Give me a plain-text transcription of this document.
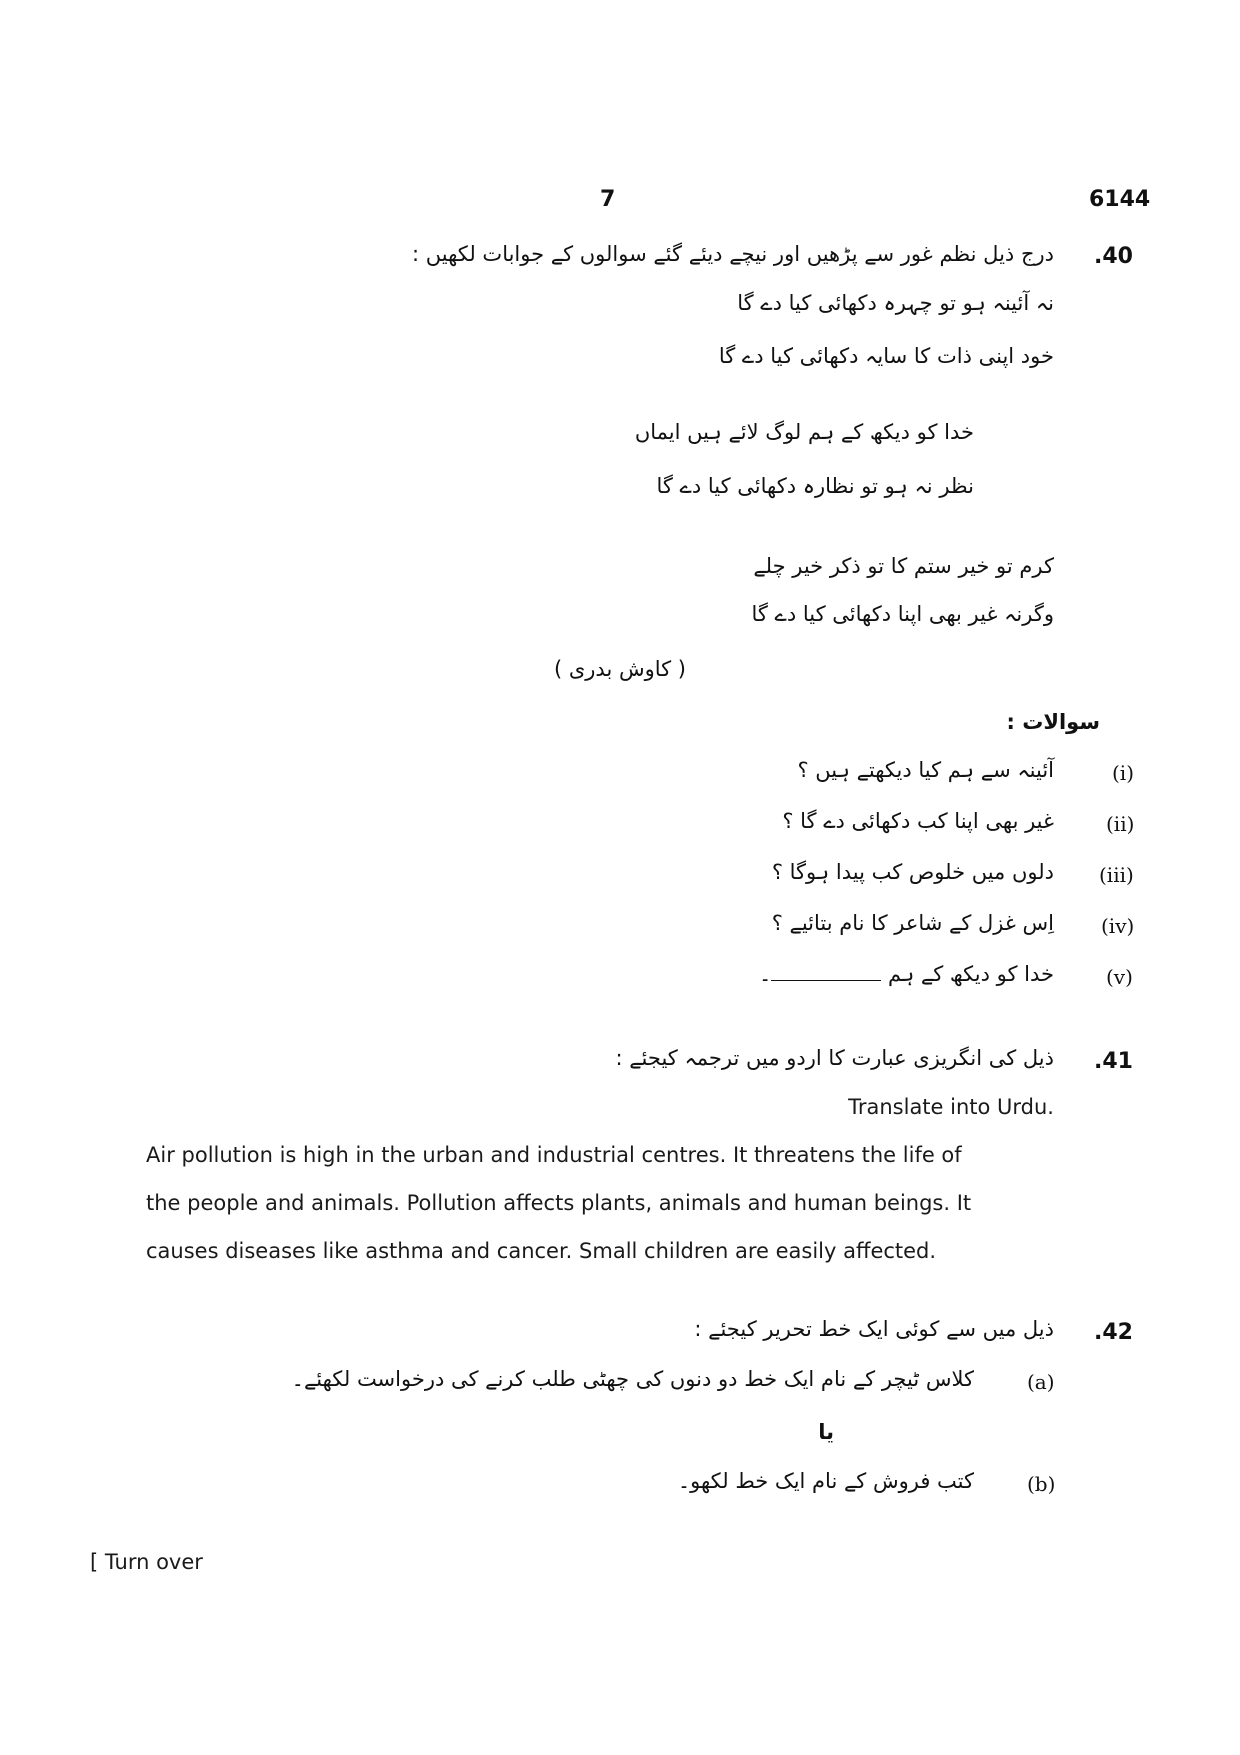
7	6144
.40
درج ذیل نظم غور سے پڑھیں اور نیچے دیئے گئے سوالوں کے جوابات لکھیں :
نہ آئینہ ہو تو چہرہ دکھائی کیا دے گا
خود اپنی ذات کا سایہ دکھائی کیا دے گا
خدا کو دیکھ کے ہم لوگ لائے ہیں ایماں
نظر نہ ہو تو نظارہ دکھائی کیا دے گا
کرم تو خیر ستم کا تو ذکر خیر چلے
وگرنہ غیر بھی اپنا دکھائی کیا دے گا
( کاوش بدری )
سوالات :
(i)
آئینہ سے ہم کیا دیکھتے ہیں ؟
(ii)
غیر بھی اپنا کب دکھائی دے گا ؟
(iii)
دلوں میں خلوص کب پیدا ہوگا ؟
(iv)
اِس غزل کے شاعر کا نام بتائیے ؟
(v)
خدا کو دیکھ کے ہم ۔
.41
ذیل کی انگریزی عبارت کا اردو میں ترجمہ کیجئے :
Translate into Urdu.
Air pollution is high in the urban and industrial centres. It threatens the life of
the people and animals. Pollution affects plants, animals and human beings. It
causes diseases like asthma and cancer. Small children are easily affected.
.42
ذیل میں سے کوئی ایک خط تحریر کیجئے :
(a)
کلاس ٹیچر کے نام ایک خط دو دنوں کی چھٹی طلب کرنے کی درخواست لکھئے۔
یا
(b)
کتب فروش کے نام ایک خط لکھو۔
[ Turn over
